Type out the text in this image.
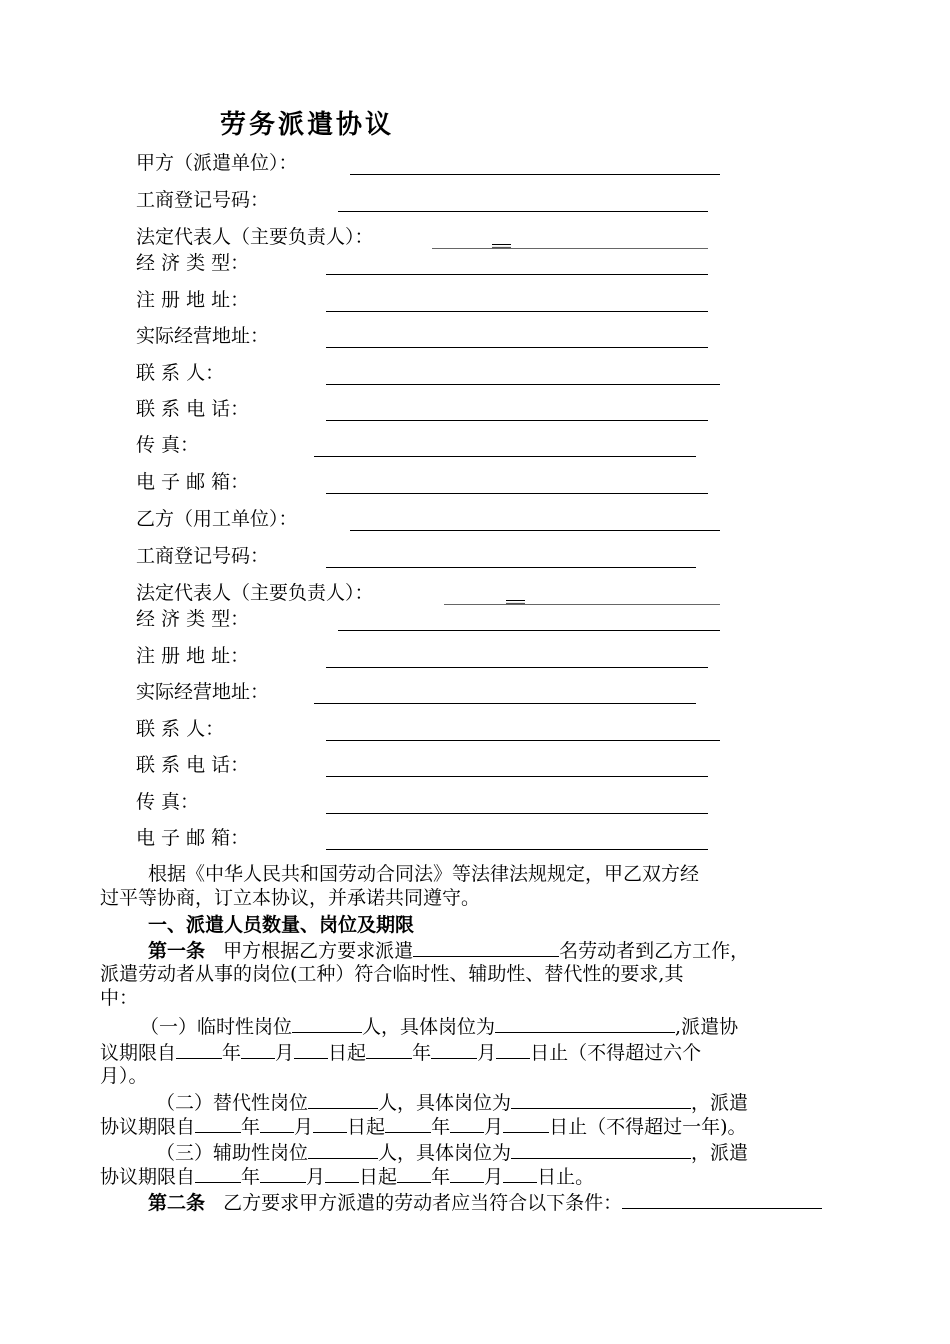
劳务派遣协议
甲方（派遣单位）：
工商登记号码：
法定代表人（主要负责人）：	__
经 济 类 型：
注 册 地 址：
实际经营地址：
联 系 人：
联 系 电 话：
传 真：
电 子 邮 箱：
乙方（用工单位）：
工商登记号码：
法定代表人（主要负责人）：	__
经 济 类 型：
注 册 地 址：
实际经营地址：
联 系 人：
联 系 电 话：
传 真：
电 子 邮 箱：
根据《中华人民共和国劳动合同法》等法律法规规定，甲乙双方经
过平等协商，订立本协议，并承诺共同遵守。
一、派遣人员数量、岗位及期限
第一条 甲方根据乙方要求派遣	名劳动者到乙方工作，
派遣劳动者从事的岗位(工种）符合临时性、辅助性、替代性的要求,其
中：
（一）临时性岗位	人，具体岗位为	,派遣协
议期限自 年 月 日起 年 月 日止（不得超过六个
月）。
（二）替代性岗位	人，具体岗位为	，派遣
协议期限自 年 月 日起 年 月 日止（不得超过一年)。
（三）辅助性岗位	人，具体岗位为	，派遣
协议期限自 年 月 日起 年 月 日止。
第二条 乙方要求甲方派遣的劳动者应当符合以下条件：
